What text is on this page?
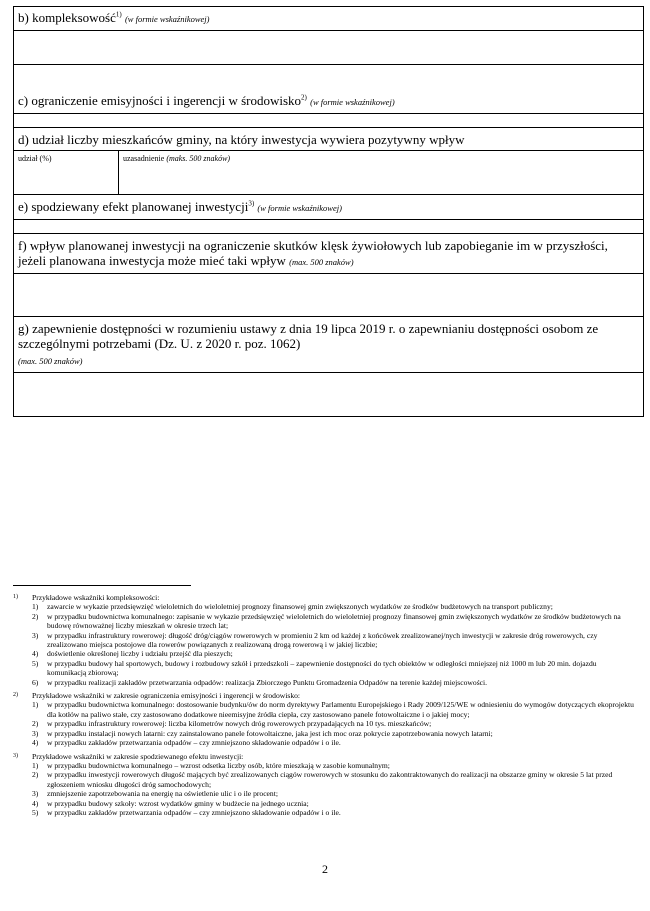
b) kompleksowość$^{1)}$ (w formie wskaźnikowej)
c) ograniczenie emisyjności i ingerencji w środowisko$^{2)}$ (w formie wskaźnikowej)
d) udział liczby mieszkańców gminy, na który inwestycja wywiera pozytywny wpływ
udział (%)	uzasadnienie (maks. 500 znaków)
e) spodziewany efekt planowanej inwestycji$^{3)}$ (w formie wskaźnikowej)
f) wpływ planowanej inwestycji na ograniczenie skutków klęsk żywiołowych lub zapobieganie im w przyszłości, jeżeli planowana inwestycja może mieć taki wpływ (max. 500 znaków)
g) zapewnienie dostępności w rozumieniu ustawy z dnia 19 lipca 2019 r. o zapewnianiu dostępności osobom ze szczególnymi potrzebami (Dz. U. z 2020 r. poz. 1062)
(max. 500 znaków)
1)	Przykładowe wskaźniki kompleksowości:
1)	zawarcie w wykazie przedsięwzięć wieloletnich do wieloletniej prognozy finansowej gmin zwiększonych wydatków ze środków budżetowych na transport publiczny;
2)	w przypadku budownictwa komunalnego: zapisanie w wykazie przedsięwzięć wieloletnich do wieloletniej prognozy finansowej gmin zwiększonych wydatków ze środków budżetowych na budowę równoważnej liczby mieszkań w okresie trzech lat;
3)	w przypadku infrastruktury rowerowej: długość dróg/ciągów rowerowych w promieniu 2 km od każdej z końcówek zrealizowanej/nych inwestycji w zakresie dróg rowerowych, czy zrealizowano miejsca postojowe dla rowerów powiązanych z realizowaną drogą rowerową i w jakiej liczbie;
4)	doświetlenie określonej liczby i udziału przejść dla pieszych;
5)	w przypadku budowy hal sportowych, budowy i rozbudowy szkół i przedszkoli – zapewnienie dostępności do tych obiektów w odległości mniejszej niż 1000 m lub 20 min. dojazdu komunikacją zbiorową;
6)	w przypadku realizacji zakładów przetwarzania odpadów: realizacja Zbiorczego Punktu Gromadzenia Odpadów na terenie każdej miejscowości.
2)	Przykładowe wskaźniki w zakresie ograniczenia emisyjności i ingerencji w środowisko:
1)	w przypadku budownictwa komunalnego: dostosowanie budynku/ów do norm dyrektywy Parlamentu Europejskiego i Rady 2009/125/WE w odniesieniu do wymogów dotyczących ekoprojektu dla kotłów na paliwo stałe, czy zastosowano dodatkowe nieemisyjne źródła ciepła, czy zastosowano panele fotowoltaiczne i o jakiej mocy;
2)	w przypadku infrastruktury rowerowej: liczba kilometrów nowych dróg rowerowych przypadających na 10 tys. mieszkańców;
3)	w przypadku instalacji nowych latarni: czy zainstalowano panele fotowoltaiczne, jaka jest ich moc oraz pokrycie zapotrzebowania nowych latarni;
4)	w przypadku zakładów przetwarzania odpadów – czy zmniejszono składowanie odpadów i o ile.
3)	Przykładowe wskaźniki w zakresie spodziewanego efektu inwestycji:
1)	w przypadku budownictwa komunalnego – wzrost odsetka liczby osób, które mieszkają w zasobie komunalnym;
2)	w przypadku inwestycji rowerowych długość mających być zrealizowanych ciągów rowerowych w stosunku do zakontraktowanych do realizacji na obszarze gminy w okresie 5 lat przed zgłoszeniem wniosku długości dróg samochodowych;
3)	zmniejszenie zapotrzebowania na energię na oświetlenie ulic i o ile procent;
4)	w przypadku budowy szkoły: wzrost wydatków gminy w budżecie na jednego ucznia;
5)	w przypadku zakładów przetwarzania odpadów – czy zmniejszono składowanie odpadów i o ile.
2
